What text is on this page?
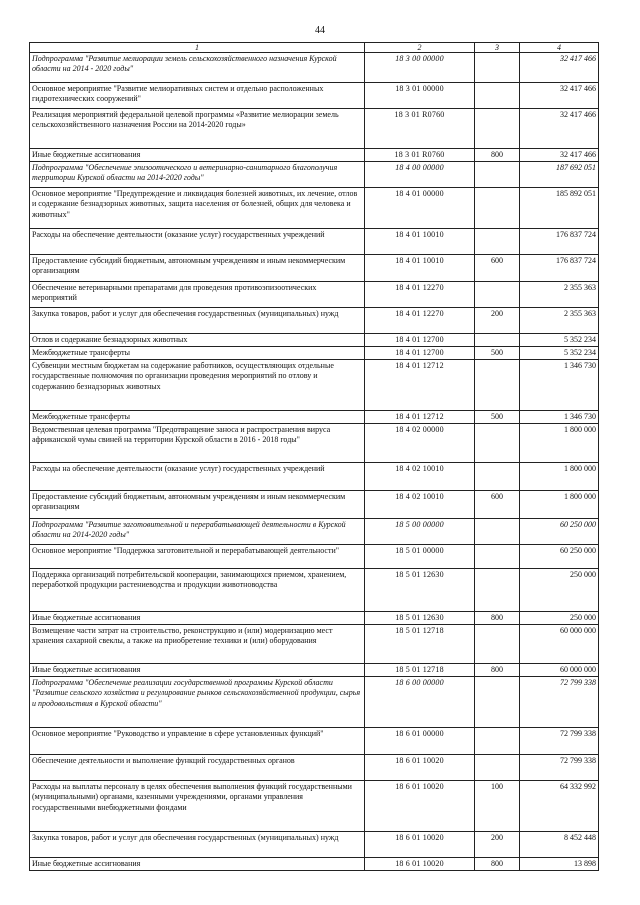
44
1	2	3	4
Подпрограмма "Развитие мелиорации земель сельскохозяйственного назначения Курской области на 2014 - 2020 годы"	18 3 00 00000		32 417 466
Основное мероприятие "Развитие мелиоративных систем и отдельно расположенных гидротехнических сооружений"	18 3 01 00000		32 417 466
Реализация мероприятий федеральной целевой программы «Развитие мелиорации земель сельскохозяйственного назначения России на 2014-2020 годы»	18 3 01 R0760		32 417 466
Иные бюджетные ассигнования	18 3 01 R0760	800	32 417 466
Подпрограмма "Обеспечение эпизоотического и ветеринарно-санитарного благополучия территории Курской области на 2014-2020 годы"	18 4 00 00000		187 692 051
Основное мероприятие "Предупреждение и ликвидация болезней животных, их лечение, отлов и содержание безнадзорных животных, защита населения от болезней, общих для человека и животных"	18 4 01 00000		185 892 051
Расходы на обеспечение деятельности (оказание услуг) государственных учреждений	18 4 01 10010		176 837 724
Предоставление субсидий бюджетным, автономным учреждениям и иным некоммерческим организациям	18 4 01 10010	600	176 837 724
Обеспечение ветеринарными препаратами для проведения противоэпизоотических мероприятий	18 4 01 12270		2 355 363
Закупка товаров, работ и услуг для обеспечения государственных (муниципальных) нужд	18 4 01 12270	200	2 355 363
Отлов и содержание безнадзорных животных	18 4 01 12700		5 352 234
Межбюджетные трансферты	18 4 01 12700	500	5 352 234
Субвенции местным бюджетам на содержание работников, осуществляющих отдельные государственные полномочия по организации проведения мероприятий по отлову и содержанию безнадзорных животных	18 4 01 12712		1 346 730
Межбюджетные трансферты	18 4 01 12712	500	1 346 730
Ведомственная целевая программа "Предотвращение заноса и распространения вируса африканской чумы свиней на территории Курской области в 2016 - 2018 годы"	18 4 02 00000		1 800 000
Расходы на обеспечение деятельности (оказание услуг) государственных учреждений	18 4 02 10010		1 800 000
Предоставление субсидий бюджетным, автономным учреждениям и иным некоммерческим организациям	18 4 02 10010	600	1 800 000
Подпрограмма "Развитие заготовительной и перерабатывающей деятельности в Курской области на 2014-2020 годы"	18 5 00 00000		60 250 000
Основное мероприятие "Поддержка заготовительной и перерабатывающей деятельности"	18 5 01 00000		60 250 000
Поддержка организаций потребительской кооперации, занимающихся приемом, хранением, переработкой продукции растениеводства и продукции животноводства	18 5 01 12630		250 000
Иные бюджетные ассигнования	18 5 01 12630	800	250 000
Возмещение части затрат на строительство, реконструкцию и (или) модернизацию мест хранения сахарной свеклы, а также на приобретение техники и (или) оборудования	18 5 01 12718		60 000 000
Иные бюджетные ассигнования	18 5 01 12718	800	60 000 000
Подпрограмма "Обеспечение реализации государственной программы Курской области "Развитие сельского хозяйства и регулирование рынков сельскохозяйственной продукции, сырья и продовольствия в Курской области"	18 6 00 00000		72 799 338
Основное мероприятие "Руководство и управление в сфере установленных функций"	18 6 01 00000		72 799 338
Обеспечение деятельности и выполнение функций государственных органов	18 6 01 10020		72 799 338
Расходы на выплаты персоналу в целях обеспечения выполнения функций государственными (муниципальными) органами, казенными учреждениями, органами управления государственными внебюджетными фондами	18 6 01 10020	100	64 332 992
Закупка товаров, работ и услуг для обеспечения государственных (муниципальных) нужд	18 6 01 10020	200	8 452 448
Иные бюджетные ассигнования	18 6 01 10020	800	13 898
